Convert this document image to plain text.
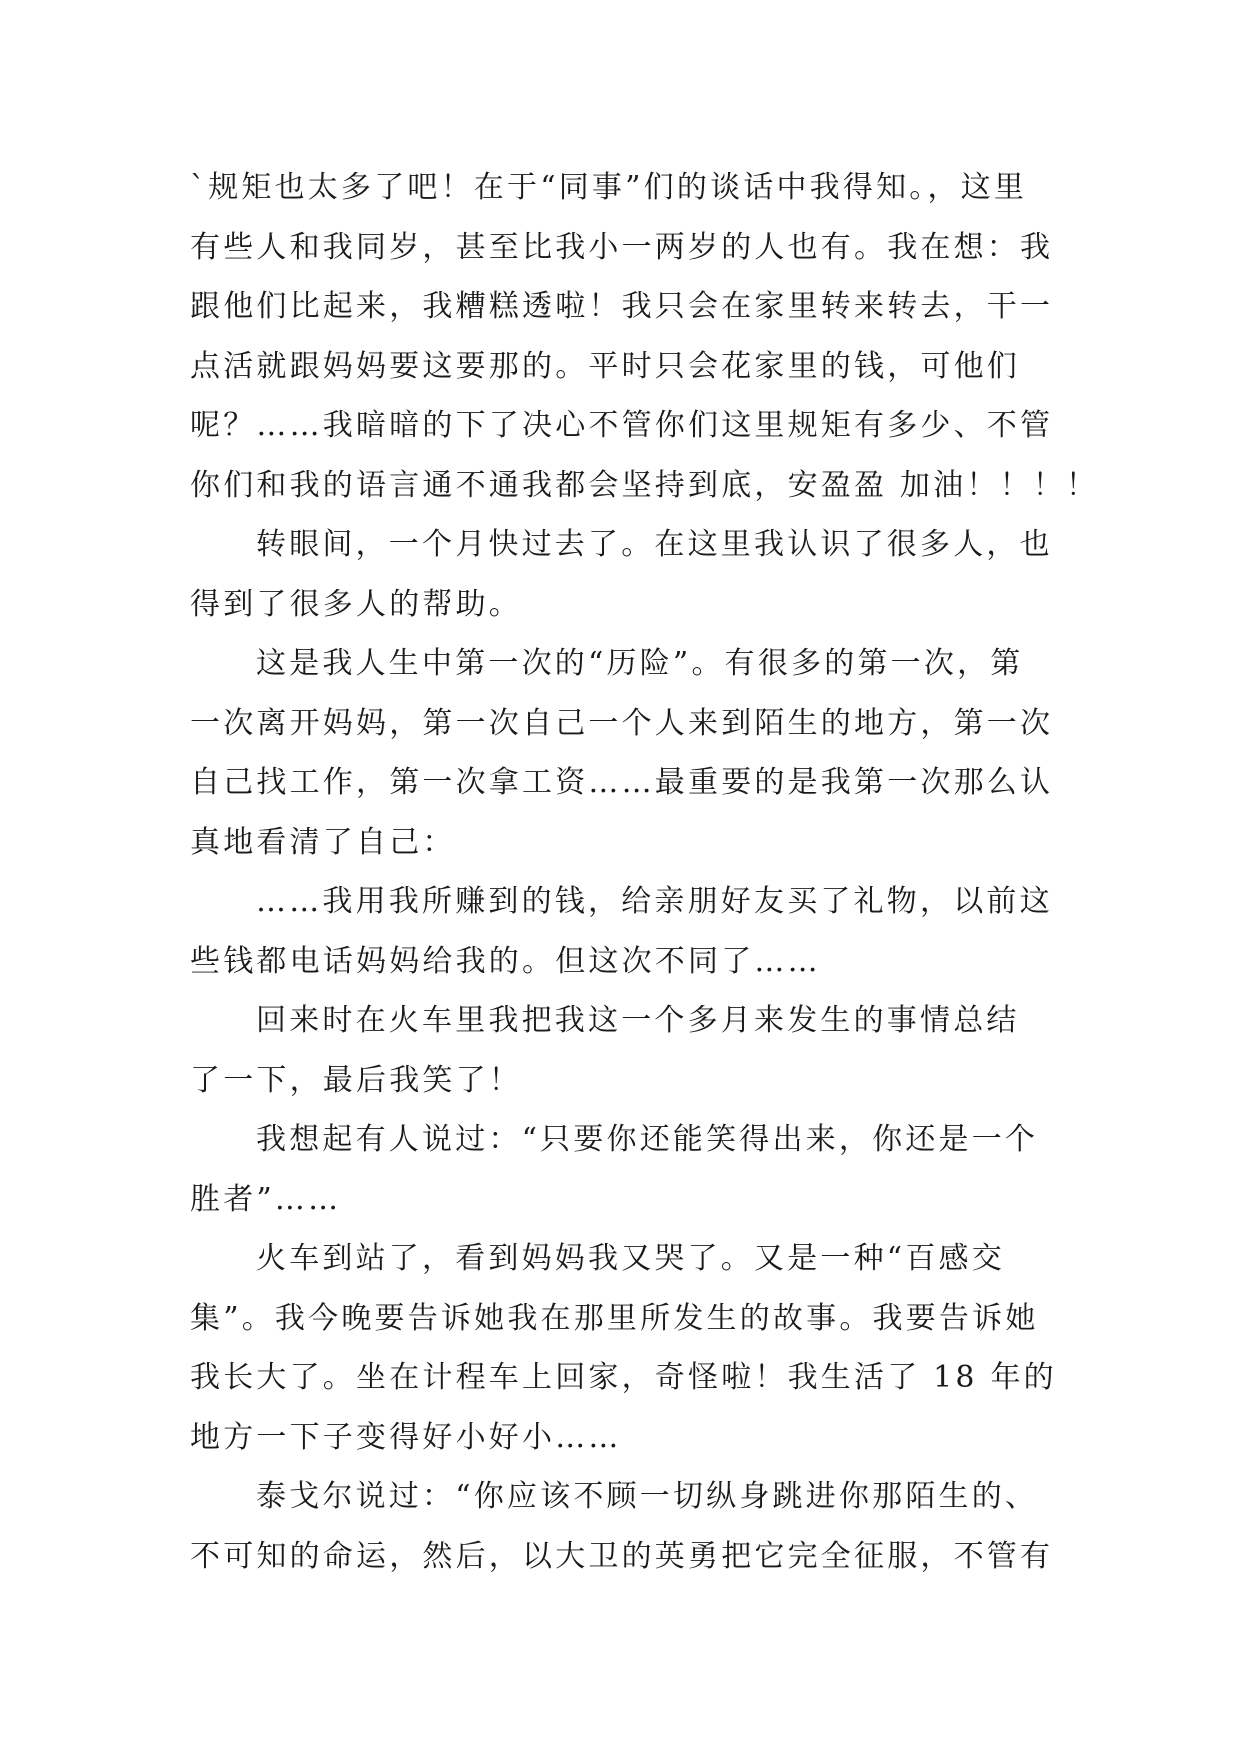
`规矩也太多了吧！在于“同事”们的谈话中我得知。，这里
有些人和我同岁，甚至比我小一两岁的人也有。我在想：我
跟他们比起来，我糟糕透啦！我只会在家里转来转去，干一
点活就跟妈妈要这要那的。平时只会花家里的钱，可他们
呢？……我暗暗的下了决心不管你们这里规矩有多少、不管
你们和我的语言通不通我都会坚持到底，安盈盈 加油！！！！
转眼间，一个月快过去了。在这里我认识了很多人，也
得到了很多人的帮助。
这是我人生中第一次的“历险”。有很多的第一次，第
一次离开妈妈，第一次自己一个人来到陌生的地方，第一次
自己找工作，第一次拿工资……最重要的是我第一次那么认
真地看清了自己：
……我用我所赚到的钱，给亲朋好友买了礼物，以前这
些钱都电话妈妈给我的。但这次不同了……
回来时在火车里我把我这一个多月来发生的事情总结
了一下，最后我笑了！
我想起有人说过：“只要你还能笑得出来，你还是一个
胜者”……
火车到站了，看到妈妈我又哭了。又是一种“百感交
集”。我今晚要告诉她我在那里所发生的故事。我要告诉她
我长大了。坐在计程车上回家，奇怪啦！我生活了 18 年的
地方一下子变得好小好小……
泰戈尔说过：“你应该不顾一切纵身跳进你那陌生的、
不可知的命运，然后，以大卫的英勇把它完全征服，不管有
